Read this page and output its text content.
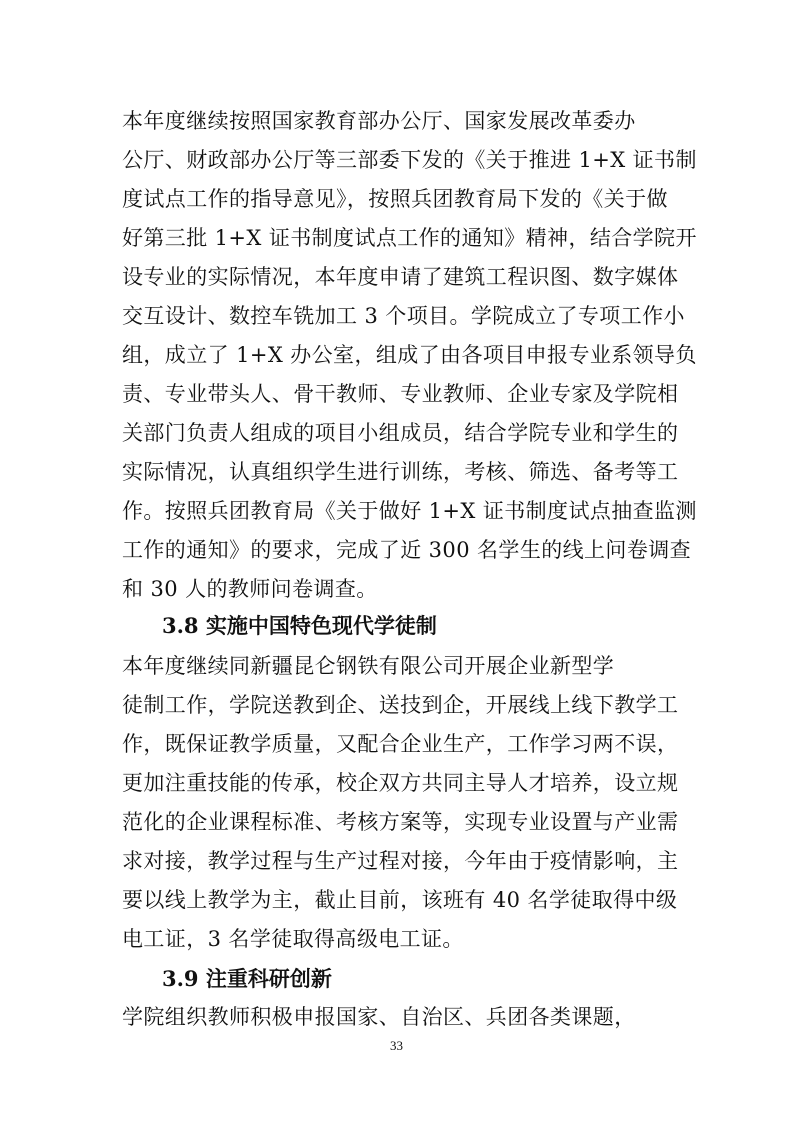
本年度继续按照国家教育部办公厅、国家发展改革委办
公厅、财政部办公厅等三部委下发的《关于推进 1+X 证书制
度试点工作的指导意见》，按照兵团教育局下发的《关于做
好第三批 1+X 证书制度试点工作的通知》精神，结合学院开
设专业的实际情况，本年度申请了建筑工程识图、数字媒体
交互设计、数控车铣加工 3 个项目。学院成立了专项工作小
组，成立了 1+X 办公室，组成了由各项目申报专业系领导负
责、专业带头人、骨干教师、专业教师、企业专家及学院相
关部门负责人组成的项目小组成员，结合学院专业和学生的
实际情况，认真组织学生进行训练，考核、筛选、备考等工
作。按照兵团教育局《关于做好 1+X 证书制度试点抽查监测
工作的通知》的要求，完成了近 300 名学生的线上问卷调查
和 30 人的教师问卷调查。
3.8 实施中国特色现代学徒制
本年度继续同新疆昆仑钢铁有限公司开展企业新型学
徒制工作，学院送教到企、送技到企，开展线上线下教学工
作，既保证教学质量，又配合企业生产，工作学习两不误，
更加注重技能的传承，校企双方共同主导人才培养，设立规
范化的企业课程标准、考核方案等，实现专业设置与产业需
求对接，教学过程与生产过程对接，今年由于疫情影响，主
要以线上教学为主，截止目前，该班有 40 名学徒取得中级
电工证，3 名学徒取得高级电工证。
3.9 注重科研创新
学院组织教师积极申报国家、自治区、兵团各类课题，
33
